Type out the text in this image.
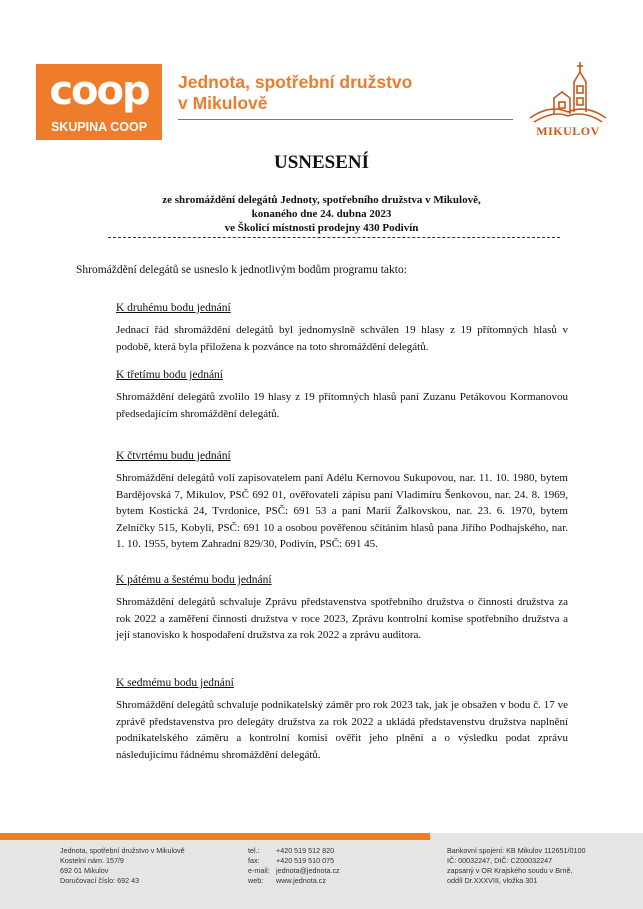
coop
SKUPINA COOP
Jednota, spotřební družstvo
v Mikulově
MIKULOV
USNESENÍ
ze shromáždění delegátů Jednoty, spotřebního družstva v Mikulově,
konaného dne 24. dubna 2023
ve Školicí místnosti prodejny 430 Podivín
Shromáždění delegátů se usneslo k jednotlivým bodům programu takto:
K druhému bodu jednání
Jednací řád shromáždění delegátů byl jednomyslně schválen 19 hlasy z 19 přítomných hlasů v podobě, která byla přiložena k pozvánce na toto shromáždění delegátů.
K třetímu bodu jednání
Shromáždění delegátů zvolilo 19 hlasy z 19 přítomných hlasů paní Zuzanu Petákovou Kormanovou předsedajícím shromáždění delegátů.
K čtvrtému budu jednání
Shromáždění delegátů volí zapisovatelem paní Adélu Kernovou Sukupovou, nar. 11. 10. 1980, bytem Bardějovská 7, Mikulov, PSČ 692 01, ověřovateli zápisu paní Vladimíru Šenkovou, nar. 24. 8. 1969, bytem Kostická 24, Tvrdonice, PSČ: 691 53 a paní Marii Žalkovskou, nar. 23. 6. 1970, bytem Zelníčky 515, Kobylí, PSČ: 691 10 a osobou pověřenou sčítáním hlasů pana Jiřího Podhajského, nar. 1. 10. 1955, bytem Zahradní 829/30, Podivín, PSČ: 691 45.
K pátému a šestému bodu jednání
Shromáždění delegátů schvaluje Zprávu představenstva spotřebního družstva o činnosti družstva za rok 2022 a zaměření činnosti družstva v roce 2023, Zprávu kontrolní komise spotřebního družstva a její stanovisko k hospodaření družstva za rok 2022 a zprávu auditora.
K sedmému bodu jednání
Shromáždění delegátů schvaluje podnikatelský záměr pro rok 2023 tak, jak je obsažen v bodu č. 17 ve zprávě představenstva pro delegáty družstva za rok 2022 a ukládá představenstvu družstva naplnění podnikatelského záměru a kontrolní komisi ověřit jeho plnění a o výsledku podat zprávu následujícímu řádnému shromáždění delegátů.
Jednota, spotřební družstvo v Mikulově
Kostelní nám. 157/9
692 01 Mikulov
Doručovací číslo: 692 43
tel.:
fax:
e-mail:
web:
+420 519 512 820
+420 519 510 075
jednota@jednota.cz
www.jednota.cz
Bankovní spojení: KB Mikulov 112651/0100
IČ: 00032247, DIČ: CZ00032247
zapsaný v OR Krajského soudu v Brně,
oddíl Dr.XXXVIII, vložka 301
